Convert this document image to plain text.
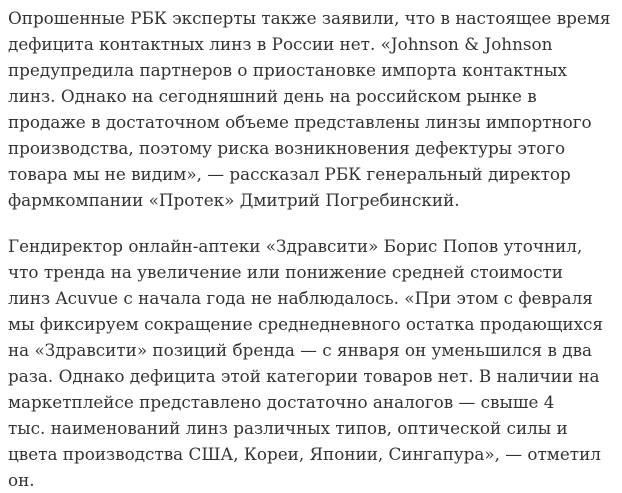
Опрошенные РБК эксперты также заявили, что в настоящее время
дефицита контактных линз в России нет. «Johnson & Johnson
предупредила партнеров о приостановке импорта контактных
линз. Однако на сегодняшний день на российском рынке в
продаже в достаточном объеме представлены линзы импортного
производства, поэтому риска возникновения дефектуры этого
товара мы не видим», — рассказал РБК генеральный директор
фармкомпании «Протек» Дмитрий Погребинский.

Гендиректор онлайн-аптеки «Здравсити» Борис Попов уточнил,
что тренда на увеличение или понижение средней стоимости
линз Acuvue с начала года не наблюдалось. «При этом с февраля
мы фиксируем сокращение среднедневного остатка продающихся
на «Здравсити» позиций бренда — с января он уменьшился в два
раза. Однако дефицита этой категории товаров нет. В наличии на
маркетплейсе представлено достаточно аналогов — свыше 4
тыс. наименований линз различных типов, оптической силы и
цвета производства США, Кореи, Японии, Сингапура», — отметил
он.
